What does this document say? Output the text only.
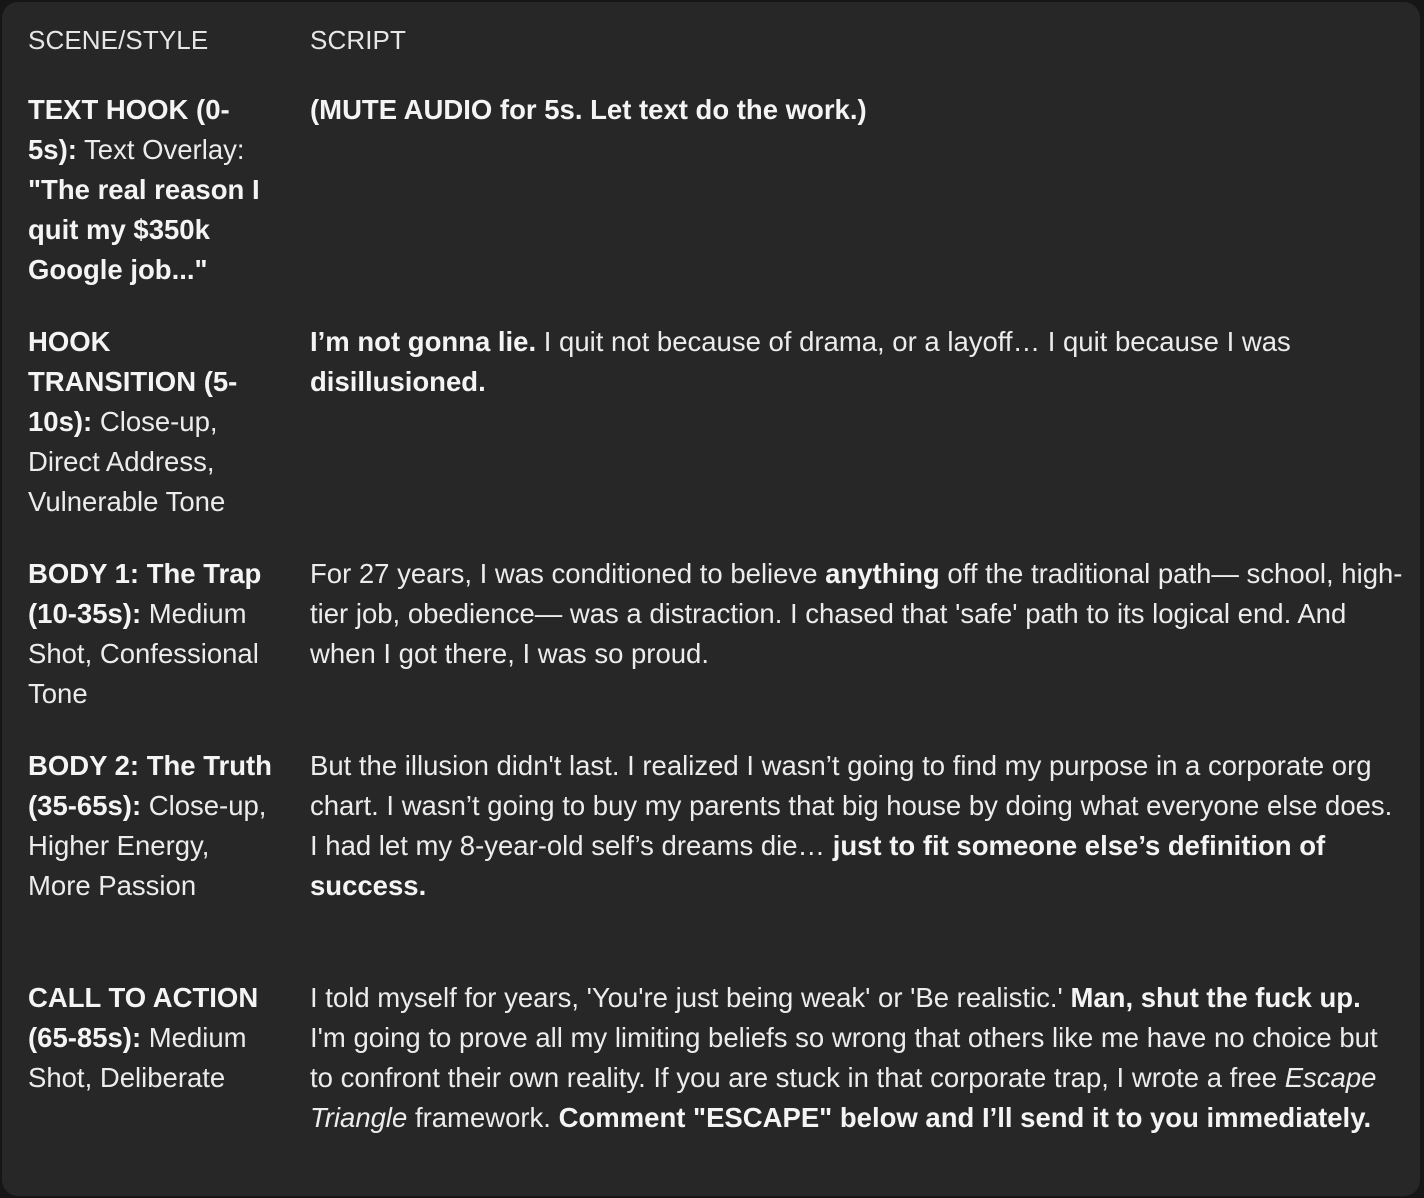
SCENE/STYLE	SCRIPT
TEXT HOOK (0-5s): Text Overlay: "The real reason I quit my $350k Google job..."
(MUTE AUDIO for 5s. Let text do the work.)
HOOK TRANSITION (5-10s): Close-up, Direct Address, Vulnerable Tone
I’m not gonna lie. I quit not because of drama, or a layoff… I quit because I was disillusioned.
BODY 1: The Trap (10-35s): Medium Shot, Confessional Tone
For 27 years, I was conditioned to believe anything off the traditional path— school, high-tier job, obedience— was a distraction. I chased that 'safe' path to its logical end. And when I got there, I was so proud.
BODY 2: The Truth (35-65s): Close-up, Higher Energy, More Passion
But the illusion didn't last. I realized I wasn’t going to find my purpose in a corporate org chart. I wasn’t going to buy my parents that big house by doing what everyone else does. I had let my 8-year-old self’s dreams die… just to fit someone else’s definition of success.
CALL TO ACTION (65-85s): Medium Shot, Deliberate
I told myself for years, 'You're just being weak' or 'Be realistic.' Man, shut the fuck up. I'm going to prove all my limiting beliefs so wrong that others like me have no choice but to confront their own reality. If you are stuck in that corporate trap, I wrote a free Escape Triangle framework. Comment "ESCAPE" below and I’ll send it to you immediately.
